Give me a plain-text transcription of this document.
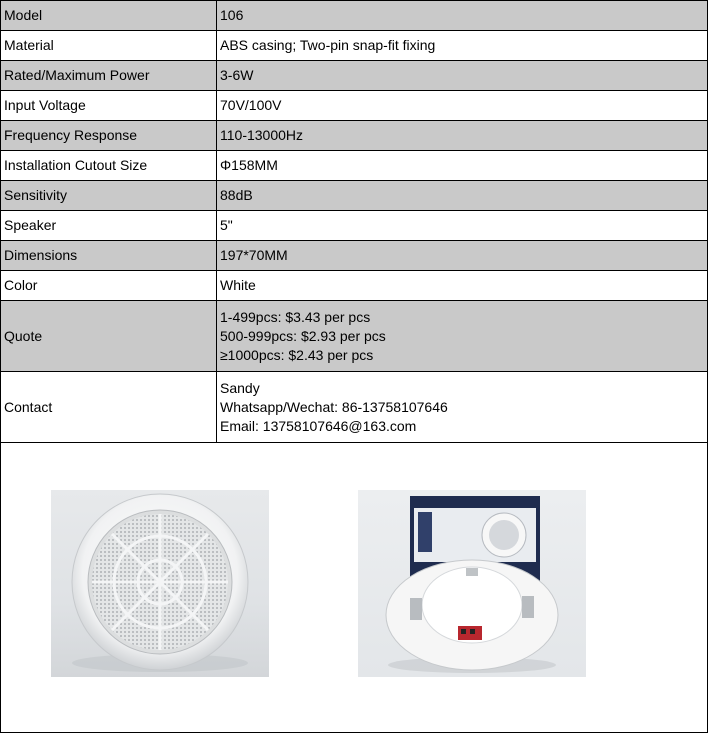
Model	106
Material	ABS casing; Two-pin snap-fit fixing
Rated/Maximum Power	3-6W
Input Voltage	70V/100V
Frequency Response	110-13000Hz
Installation Cutout Size	Φ158MM
Sensitivity	88dB
Speaker	5"
Dimensions	197*70MM
Color	White
Quote	1-499pcs: $3.43 per pcs
500-999pcs: $2.93 per pcs
≥1000pcs: $2.43 per pcs

Contact	Sandy
Whatsapp/Wechat: 86-13758107646
Email: 13758107646@163.com
